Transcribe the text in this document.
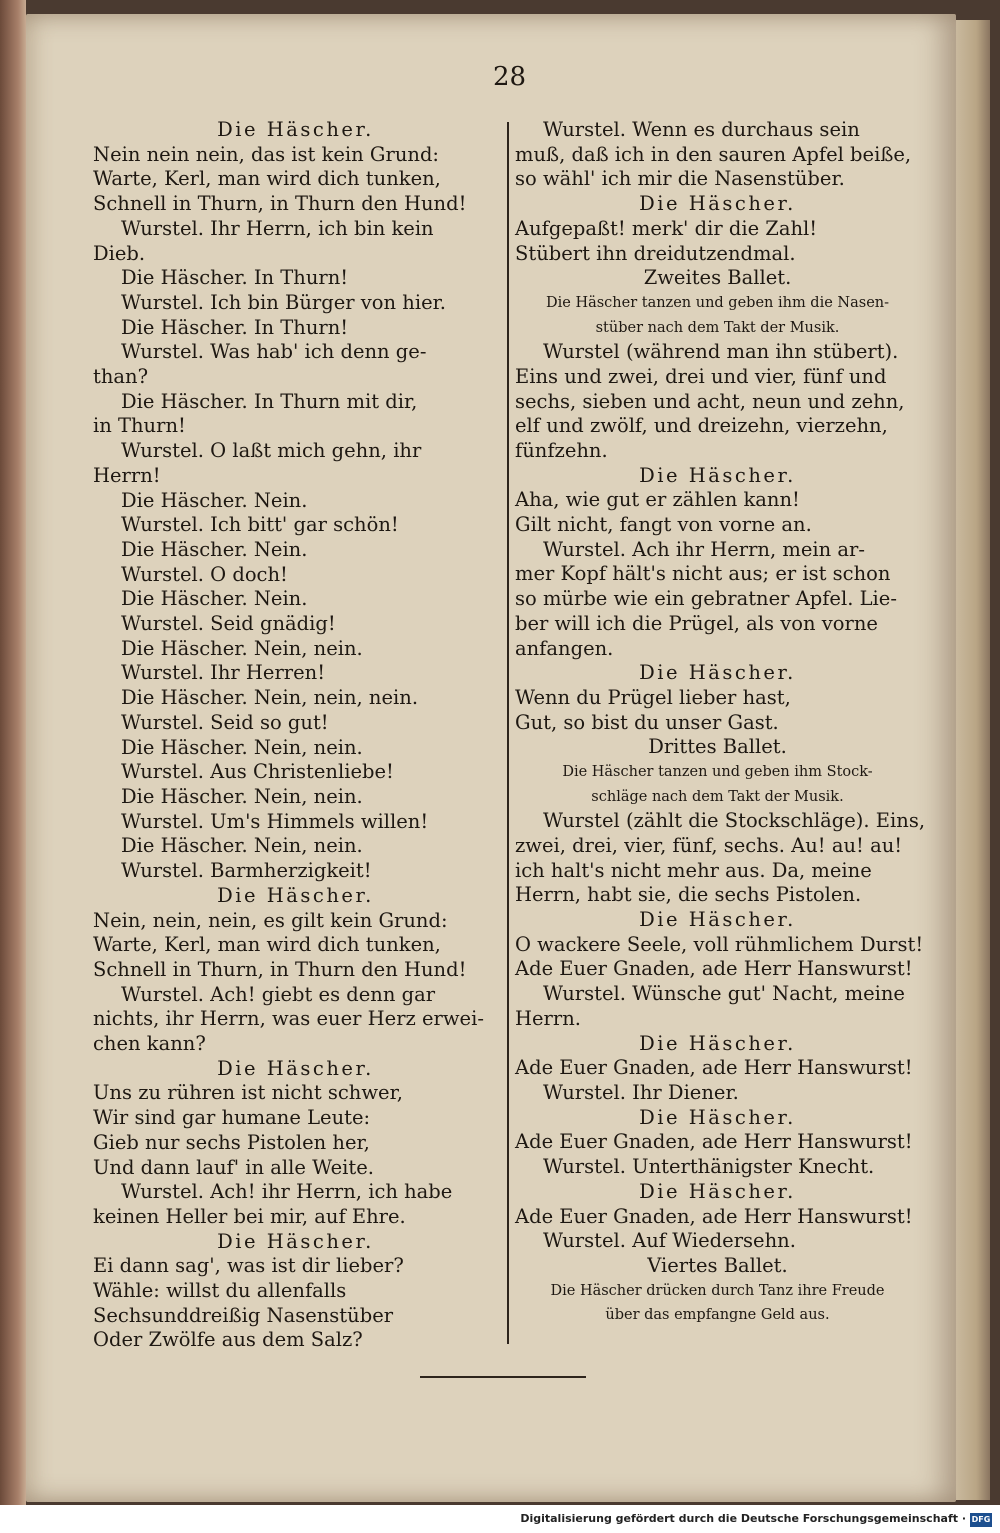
28
Die Häscher.
Nein nein nein, das ist kein Grund:
Warte, Kerl, man wird dich tunken,
Schnell in Thurn, in Thurn den Hund!
Wurstel. Ihr Herrn, ich bin kein
Dieb.
Die Häscher. In Thurn!
Wurstel. Ich bin Bürger von hier.
Die Häscher. In Thurn!
Wurstel. Was hab' ich denn ge-
than?
Die Häscher. In Thurn mit dir,
in Thurn!
Wurstel. O laßt mich gehn, ihr
Herrn!
Die Häscher. Nein.
Wurstel. Ich bitt' gar schön!
Die Häscher. Nein.
Wurstel. O doch!
Die Häscher. Nein.
Wurstel. Seid gnädig!
Die Häscher. Nein, nein.
Wurstel. Ihr Herren!
Die Häscher. Nein, nein, nein.
Wurstel. Seid so gut!
Die Häscher. Nein, nein.
Wurstel. Aus Christenliebe!
Die Häscher. Nein, nein.
Wurstel. Um's Himmels willen!
Die Häscher. Nein, nein.
Wurstel. Barmherzigkeit!
Die Häscher.
Nein, nein, nein, es gilt kein Grund:
Warte, Kerl, man wird dich tunken,
Schnell in Thurn, in Thurn den Hund!
Wurstel. Ach! giebt es denn gar
nichts, ihr Herrn, was euer Herz erwei-
chen kann?
Die Häscher.
Uns zu rühren ist nicht schwer,
Wir sind gar humane Leute:
Gieb nur sechs Pistolen her,
Und dann lauf' in alle Weite.
Wurstel. Ach! ihr Herrn, ich habe
keinen Heller bei mir, auf Ehre.
Die Häscher.
Ei dann sag', was ist dir lieber?
Wähle: willst du allenfalls
Sechsunddreißig Nasenstüber
Oder Zwölfe aus dem Salz?
Wurstel. Wenn es durchaus sein
muß, daß ich in den sauren Apfel beiße,
so wähl' ich mir die Nasenstüber.
Die Häscher.
Aufgepaßt! merk' dir die Zahl!
Stübert ihn dreidutzendmal.
Zweites Ballet.
Die Häscher tanzen und geben ihm die Nasen-
stüber nach dem Takt der Musik.
Wurstel (während man ihn stübert).
Eins und zwei, drei und vier, fünf und
sechs, sieben und acht, neun und zehn,
elf und zwölf, und dreizehn, vierzehn,
fünfzehn.
Die Häscher.
Aha, wie gut er zählen kann!
Gilt nicht, fangt von vorne an.
Wurstel. Ach ihr Herrn, mein ar-
mer Kopf hält's nicht aus; er ist schon
so mürbe wie ein gebratner Apfel. Lie-
ber will ich die Prügel, als von vorne
anfangen.
Die Häscher.
Wenn du Prügel lieber hast,
Gut, so bist du unser Gast.
Drittes Ballet.
Die Häscher tanzen und geben ihm Stock-
schläge nach dem Takt der Musik.
Wurstel (zählt die Stockschläge). Eins,
zwei, drei, vier, fünf, sechs. Au! au! au!
ich halt's nicht mehr aus. Da, meine
Herrn, habt sie, die sechs Pistolen.
Die Häscher.
O wackere Seele, voll rühmlichem Durst!
Ade Euer Gnaden, ade Herr Hanswurst!
Wurstel. Wünsche gut' Nacht, meine
Herrn.
Die Häscher.
Ade Euer Gnaden, ade Herr Hanswurst!
Wurstel. Ihr Diener.
Die Häscher.
Ade Euer Gnaden, ade Herr Hanswurst!
Wurstel. Unterthänigster Knecht.
Die Häscher.
Ade Euer Gnaden, ade Herr Hanswurst!
Wurstel. Auf Wiedersehn.
Viertes Ballet.
Die Häscher drücken durch Tanz ihre Freude
über das empfangne Geld aus.
Digitalisierung gefördert durch die Deutsche Forschungsgemeinschaft · DFG
